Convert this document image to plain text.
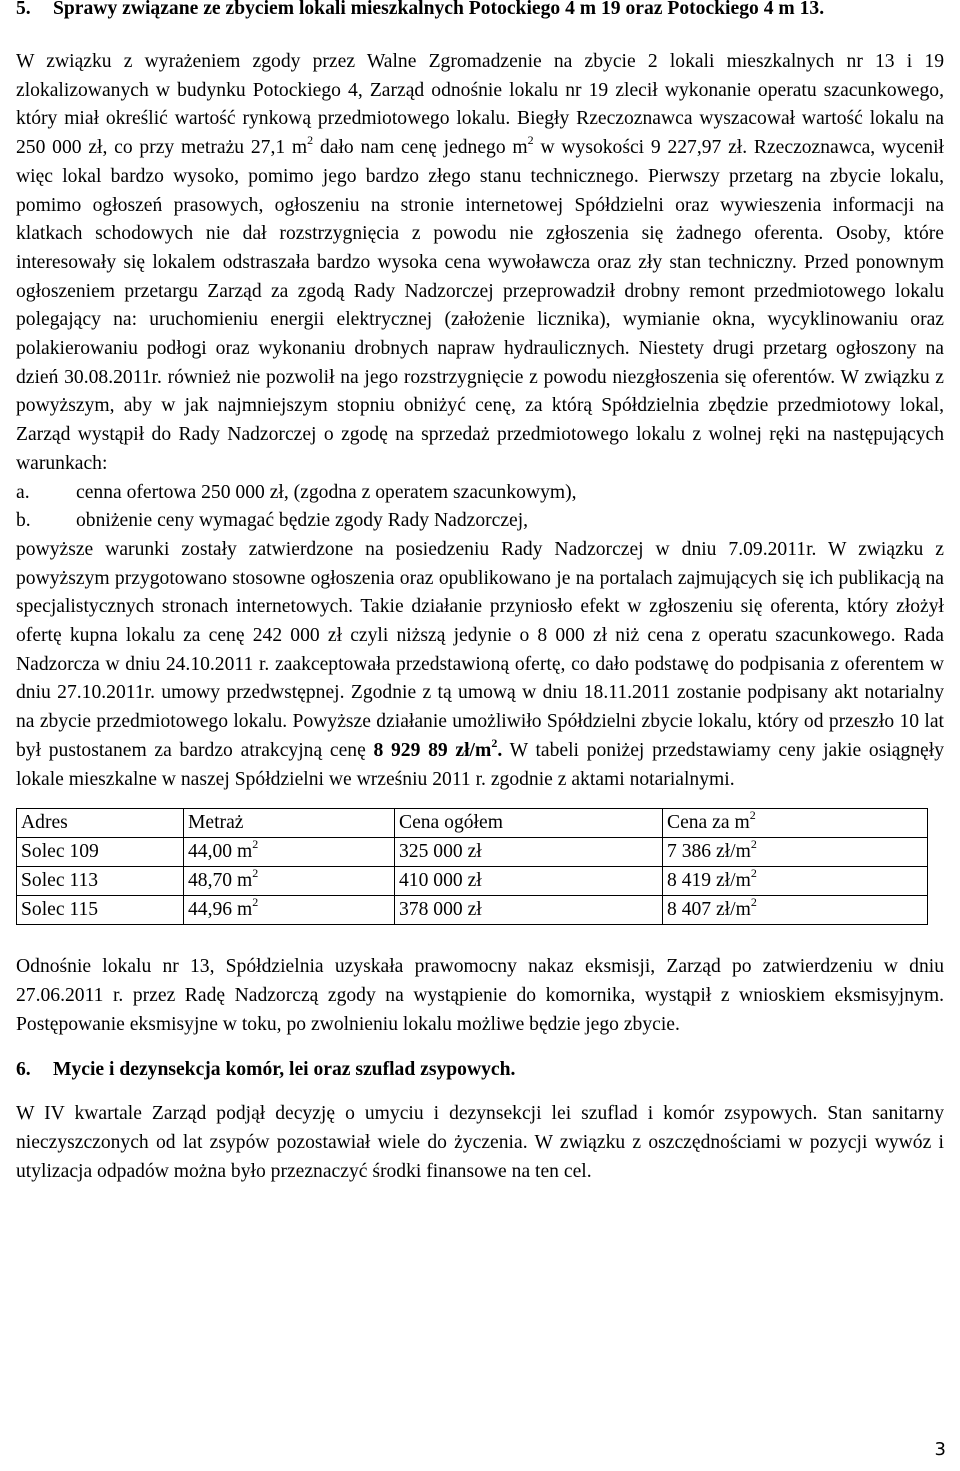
5.	Sprawy związane ze zbyciem lokali mieszkalnych Potockiego 4 m 19 oraz Potockiego 4 m 13.

W związku z wyrażeniem zgody przez Walne Zgromadzenie na zbycie 2 lokali mieszkalnych nr 13 i 19 zlokalizowanych w budynku Potockiego 4, Zarząd odnośnie lokalu nr 19 zlecił wykonanie operatu szacunkowego, który miał określić wartość rynkową przedmiotowego lokalu. Biegły Rzeczoznawca wyszacował wartość lokalu na 250 000 zł, co przy metrażu 27,1 $m^2$ dało nam cenę jednego $m^2$ w wysokości 9 227,97 zł. Rzeczoznawca, wycenił więc lokal bardzo wysoko, pomimo jego bardzo złego stanu technicznego. Pierwszy przetarg na zbycie lokalu, pomimo ogłoszeń prasowych, ogłoszeniu na stronie internetowej Spółdzielni oraz wywieszenia informacji na klatkach schodowych nie dał rozstrzygnięcia z powodu nie zgłoszenia się żadnego oferenta. Osoby, które interesowały się lokalem odstraszała bardzo wysoka cena wywoławcza oraz zły stan techniczny. Przed ponownym ogłoszeniem przetargu Zarząd za zgodą Rady Nadzorczej przeprowadził drobny remont przedmiotowego lokalu polegający na: uruchomieniu energii elektrycznej (założenie licznika), wymianie okna, wycyklinowaniu oraz polakierowaniu podłogi oraz wykonaniu drobnych napraw hydraulicznych. Niestety drugi przetarg ogłoszony na dzień 30.08.2011r. również nie pozwolił na jego rozstrzygnięcie z powodu niezgłoszenia się oferentów. W związku z powyższym, aby w jak najmniejszym stopniu obniżyć cenę, za którą Spółdzielnia zbędzie przedmiotowy lokal, Zarząd wystąpił do Rady Nadzorczej o zgodę na sprzedaż przedmiotowego lokalu z wolnej ręki na następujących warunkach:

a.	cenna ofertowa 250 000 zł, (zgodna z operatem szacunkowym),
b.	obniżenie ceny wymagać będzie zgody Rady Nadzorczej,

powyższe warunki zostały zatwierdzone na posiedzeniu Rady Nadzorczej w dniu 7.09.2011r. W związku z powyższym przygotowano stosowne ogłoszenia oraz opublikowano je na portalach zajmujących się ich publikacją na specjalistycznych stronach internetowych. Takie działanie przyniosło efekt w zgłoszeniu się oferenta, który złożył ofertę kupna lokalu za cenę 242 000 zł czyli niższą jedynie o 8 000 zł niż cena z operatu szacunkowego. Rada Nadzorcza w dniu 24.10.2011 r. zaakceptowała przedstawioną ofertę, co dało podstawę do podpisania z oferentem w dniu 27.10.2011r. umowy przedwstępnej. Zgodnie z tą umową w dniu 18.11.2011 zostanie podpisany akt notarialny na zbycie przedmiotowego lokalu. Powyższe działanie umożliwiło Spółdzielni zbycie lokalu, który od przeszło 10 lat był pustostanem za bardzo atrakcyjną cenę 8 929 89 $zł/m^2$. W tabeli poniżej przedstawiamy ceny jakie osiągnęły lokale mieszkalne w naszej Spółdzielni we wrześniu 2011 r. zgodnie z aktami notarialnymi.

Adres	Metraż	Cena ogółem	Cena za $m^2$
Solec 109	44,00 $m^2$	325 000 zł	7 386 $zł/m^2$
Solec 113	48,70 $m^2$	410 000 zł	8 419 $zł/m^2$
Solec 115	44,96 $m^2$	378 000 zł	8 407 $zł/m^2$

Odnośnie lokalu nr 13, Spółdzielnia uzyskała prawomocny nakaz eksmisji, Zarząd po zatwierdzeniu w dniu 27.06.2011 r. przez Radę Nadzorczą zgody na wystąpienie do komornika, wystąpił z wnioskiem eksmisyjnym. Postępowanie eksmisyjne w toku, po zwolnieniu lokalu możliwe będzie jego zbycie.

6.	Mycie i dezynsekcja komór, lei oraz szuflad zsypowych.

W IV kwartale Zarząd podjął decyzję o umyciu i dezynsekcji lei szuflad i komór zsypowych. Stan sanitarny nieczyszczonych od lat zsypów pozostawiał wiele do życzenia. W związku z oszczędnościami w pozycji wywóz i utylizacja odpadów można było przeznaczyć środki finansowe na ten cel.

3
